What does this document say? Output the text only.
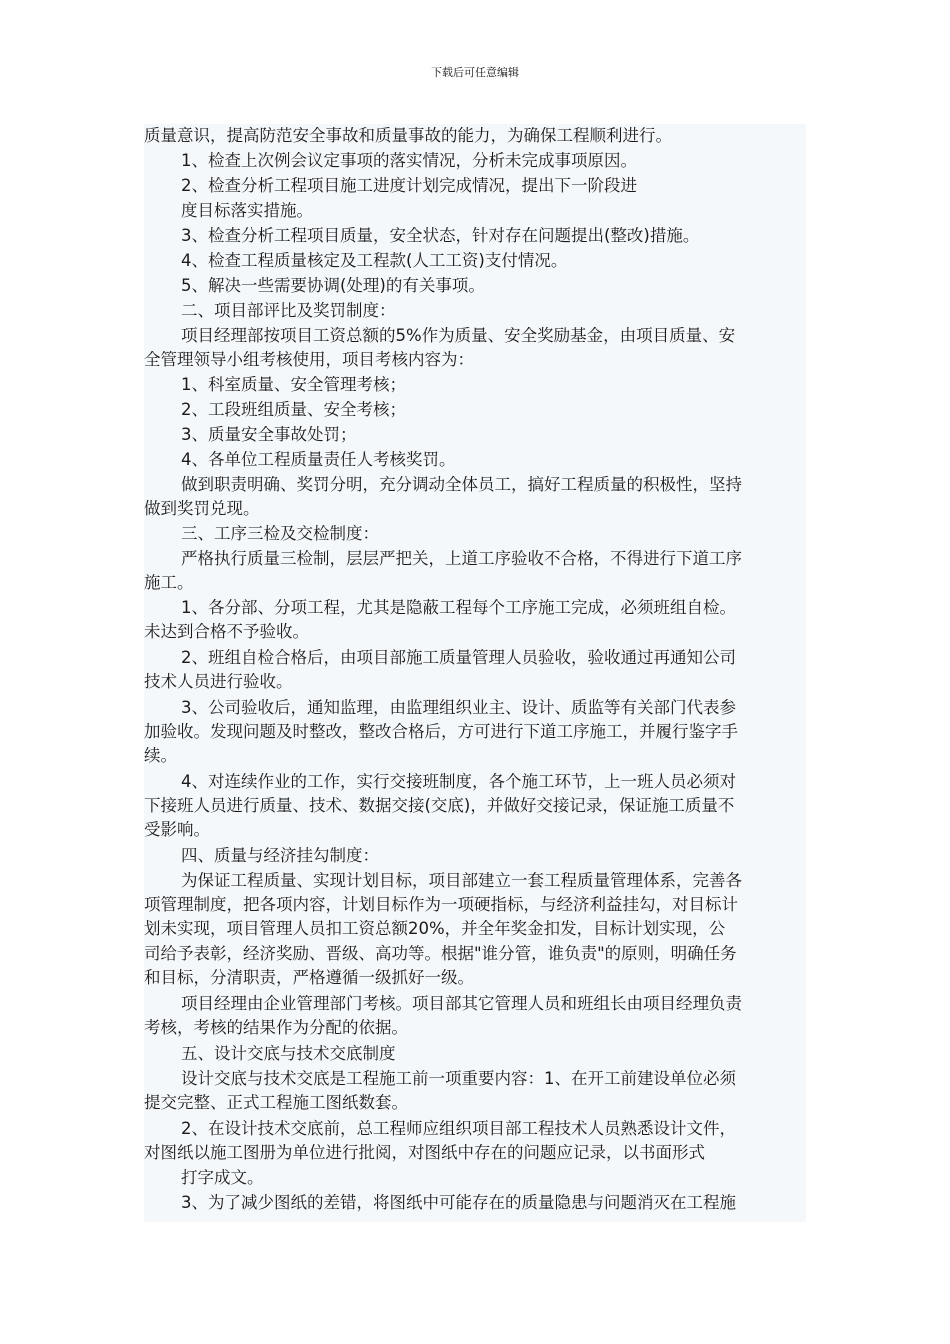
下载后可任意编辑
质量意识，提高防范安全事故和质量事故的能力，为确保工程顺利进行。
1、检查上次例会议定事项的落实情况，分析未完成事项原因。
2、检查分析工程项目施工进度计划完成情况，提出下一阶段进
度目标落实措施。
3、检查分析工程项目质量，安全状态，针对存在问题提出(整改)措施。
4、检查工程质量核定及工程款(人工工资)支付情况。
5、解决一些需要协调(处理)的有关事项。
二、项目部评比及奖罚制度：
项目经理部按项目工资总额的5%作为质量、安全奖励基金，由项目质量、安
全管理领导小组考核使用，项目考核内容为：
1、科室质量、安全管理考核；
2、工段班组质量、安全考核；
3、质量安全事故处罚；
4、各单位工程质量责任人考核奖罚。
做到职责明确、奖罚分明，充分调动全体员工，搞好工程质量的积极性，坚持
做到奖罚兑现。
三、工序三检及交检制度：
严格执行质量三检制，层层严把关，上道工序验收不合格，不得进行下道工序
施工。
1、各分部、分项工程，尤其是隐蔽工程每个工序施工完成，必须班组自检。
未达到合格不予验收。
2、班组自检合格后，由项目部施工质量管理人员验收，验收通过再通知公司
技术人员进行验收。
3、公司验收后，通知监理，由监理组织业主、设计、质监等有关部门代表参
加验收。发现问题及时整改，整改合格后，方可进行下道工序施工，并履行鉴字手
续。
4、对连续作业的工作，实行交接班制度，各个施工环节，上一班人员必须对
下接班人员进行质量、技术、数据交接(交底)，并做好交接记录，保证施工质量不
受影响。
四、质量与经济挂勾制度：
为保证工程质量、实现计划目标，项目部建立一套工程质量管理体系，完善各
项管理制度，把各项内容，计划目标作为一项硬指标，与经济利益挂勾，对目标计
划未实现，项目管理人员扣工资总额20%，并全年奖金扣发，目标计划实现，公
司给予表彰，经济奖励、晋级、高功等。根据"谁分管，谁负责"的原则，明确任务
和目标，分清职责，严格遵循一级抓好一级。
项目经理由企业管理部门考核。项目部其它管理人员和班组长由项目经理负责
考核，考核的结果作为分配的依据。
五、设计交底与技术交底制度
设计交底与技术交底是工程施工前一项重要内容：1、在开工前建设单位必须
提交完整、正式工程施工图纸数套。
2、在设计技术交底前，总工程师应组织项目部工程技术人员熟悉设计文件，
对图纸以施工图册为单位进行批阅，对图纸中存在的问题应记录，以书面形式
打字成文。
3、为了减少图纸的差错，将图纸中可能存在的质量隐患与问题消灭在工程施
